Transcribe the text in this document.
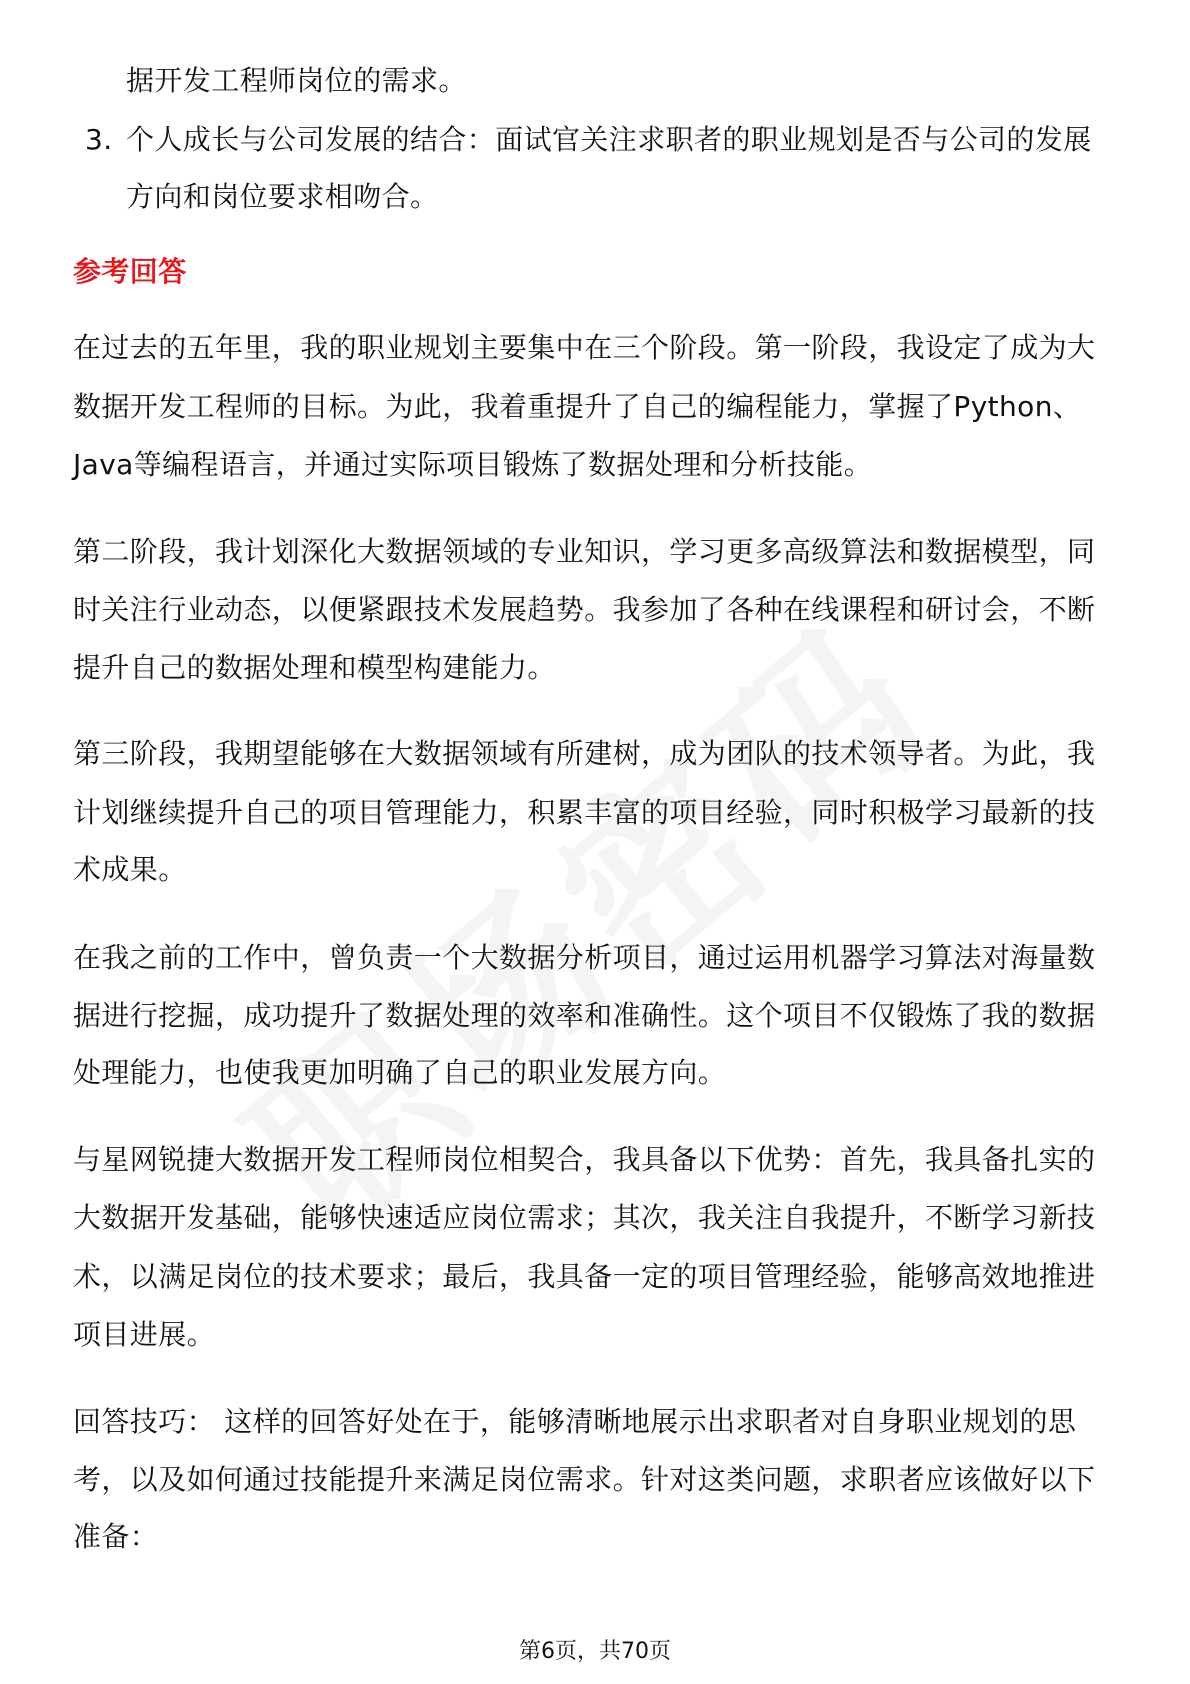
据开发工程师岗位的需求。
3. 个人成长与公司发展的结合：面试官关注求职者的职业规划是否与公司的发展
方向和岗位要求相吻合。
参考回答
在过去的五年里，我的职业规划主要集中在三个阶段。第一阶段，我设定了成为大
数据开发工程师的目标。为此，我着重提升了自己的编程能力，掌握了Python、
Java等编程语言，并通过实际项目锻炼了数据处理和分析技能。
第二阶段，我计划深化大数据领域的专业知识，学习更多高级算法和数据模型，同
时关注行业动态，以便紧跟技术发展趋势。我参加了各种在线课程和研讨会，不断
提升自己的数据处理和模型构建能力。
第三阶段，我期望能够在大数据领域有所建树，成为团队的技术领导者。为此，我
计划继续提升自己的项目管理能力，积累丰富的项目经验，同时积极学习最新的技
术成果。
在我之前的工作中，曾负责一个大数据分析项目，通过运用机器学习算法对海量数
据进行挖掘，成功提升了数据处理的效率和准确性。这个项目不仅锻炼了我的数据
处理能力，也使我更加明确了自己的职业发展方向。
与星网锐捷大数据开发工程师岗位相契合，我具备以下优势：首先，我具备扎实的
大数据开发基础，能够快速适应岗位需求；其次，我关注自我提升，不断学习新技
术，以满足岗位的技术要求；最后，我具备一定的项目管理经验，能够高效地推进
项目进展。
回答技巧： 这样的回答好处在于，能够清晰地展示出求职者对自身职业规划的思
考，以及如何通过技能提升来满足岗位需求。针对这类问题，求职者应该做好以下
准备：
第6页，共70页
